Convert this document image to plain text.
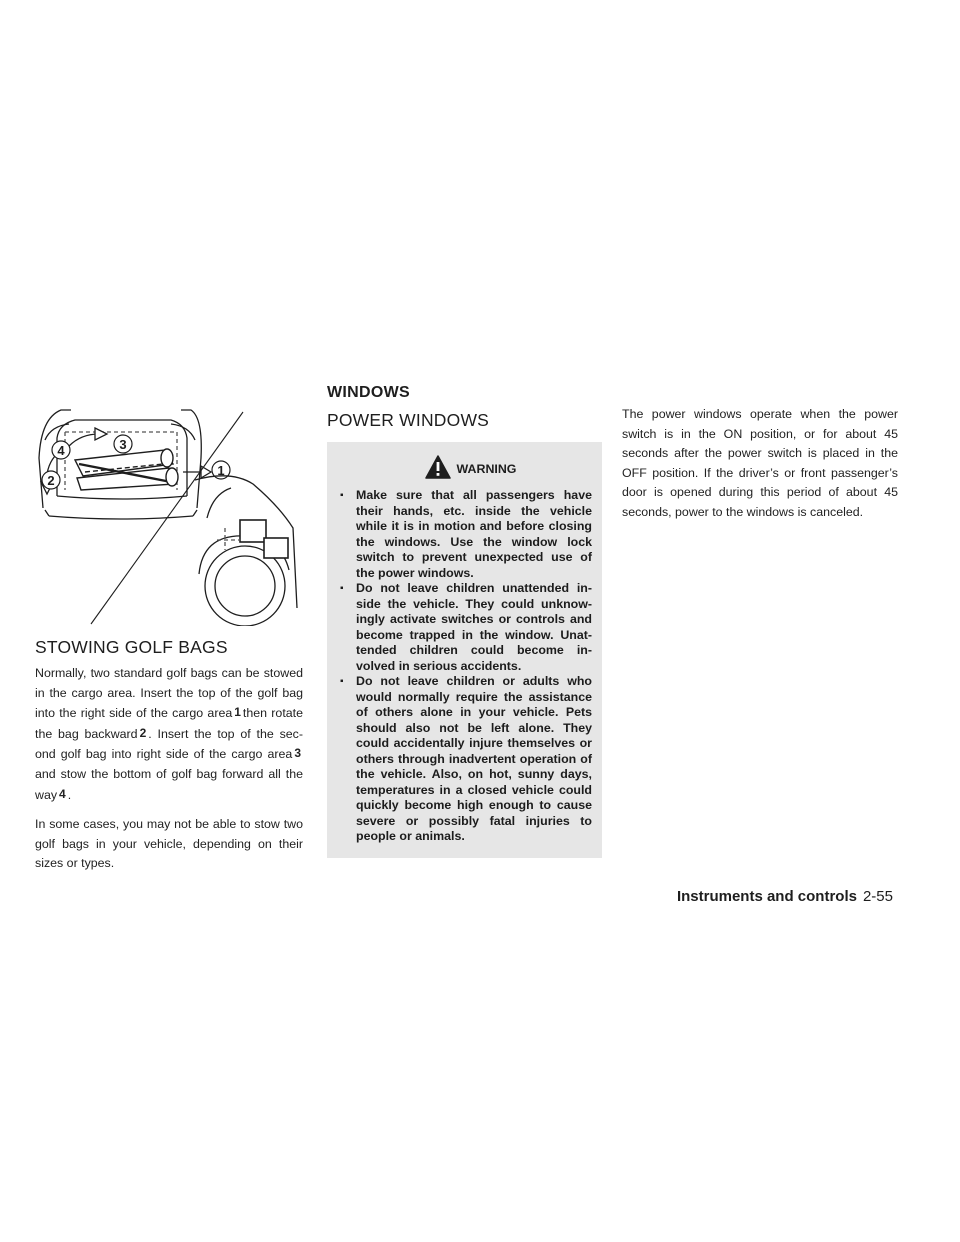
1
2
3
4
STOWING GOLF BAGS

Normally, two standard golf bags can be stowed in the cargo area. Insert the top of the golf bag into the right side of the cargo area 1 then rotate the bag backward 2 . Insert the top of the sec-ond golf bag into right side of the cargo area 3and stow the bottom of golf bag forward all the way 4 .

In some cases, you may not be able to stow two golf bags in your vehicle, depending on their sizes or types.

WINDOWS
POWER WINDOWS
WARNING
▪ Make sure that all passengers have their hands, etc. inside the vehicle while it is in motion and before closing the windows. Use the window lock switch to prevent unexpected use of the power windows.
▪ Do not leave children unattended in-side the vehicle. They could unknow-ingly activate switches or controls and become trapped in the window. Unat-tended children could become in-volved in serious accidents.
▪ Do not leave children or adults who would normally require the assistance of others alone in your vehicle. Pets should also not be left alone. They could accidentally injure themselves or others through inadvertent operation of the vehicle. Also, on hot, sunny days, temperatures in a closed vehicle could quickly become high enough to cause severe or possibly fatal injuries to people or animals.

The power windows operate when the power switch is in the ON position, or for about 45 seconds after the power switch is placed in the OFF position. If the driver’s or front passenger’s door is opened during this period of about 45 seconds, power to the windows is canceled.

Instruments and controls 2-55
